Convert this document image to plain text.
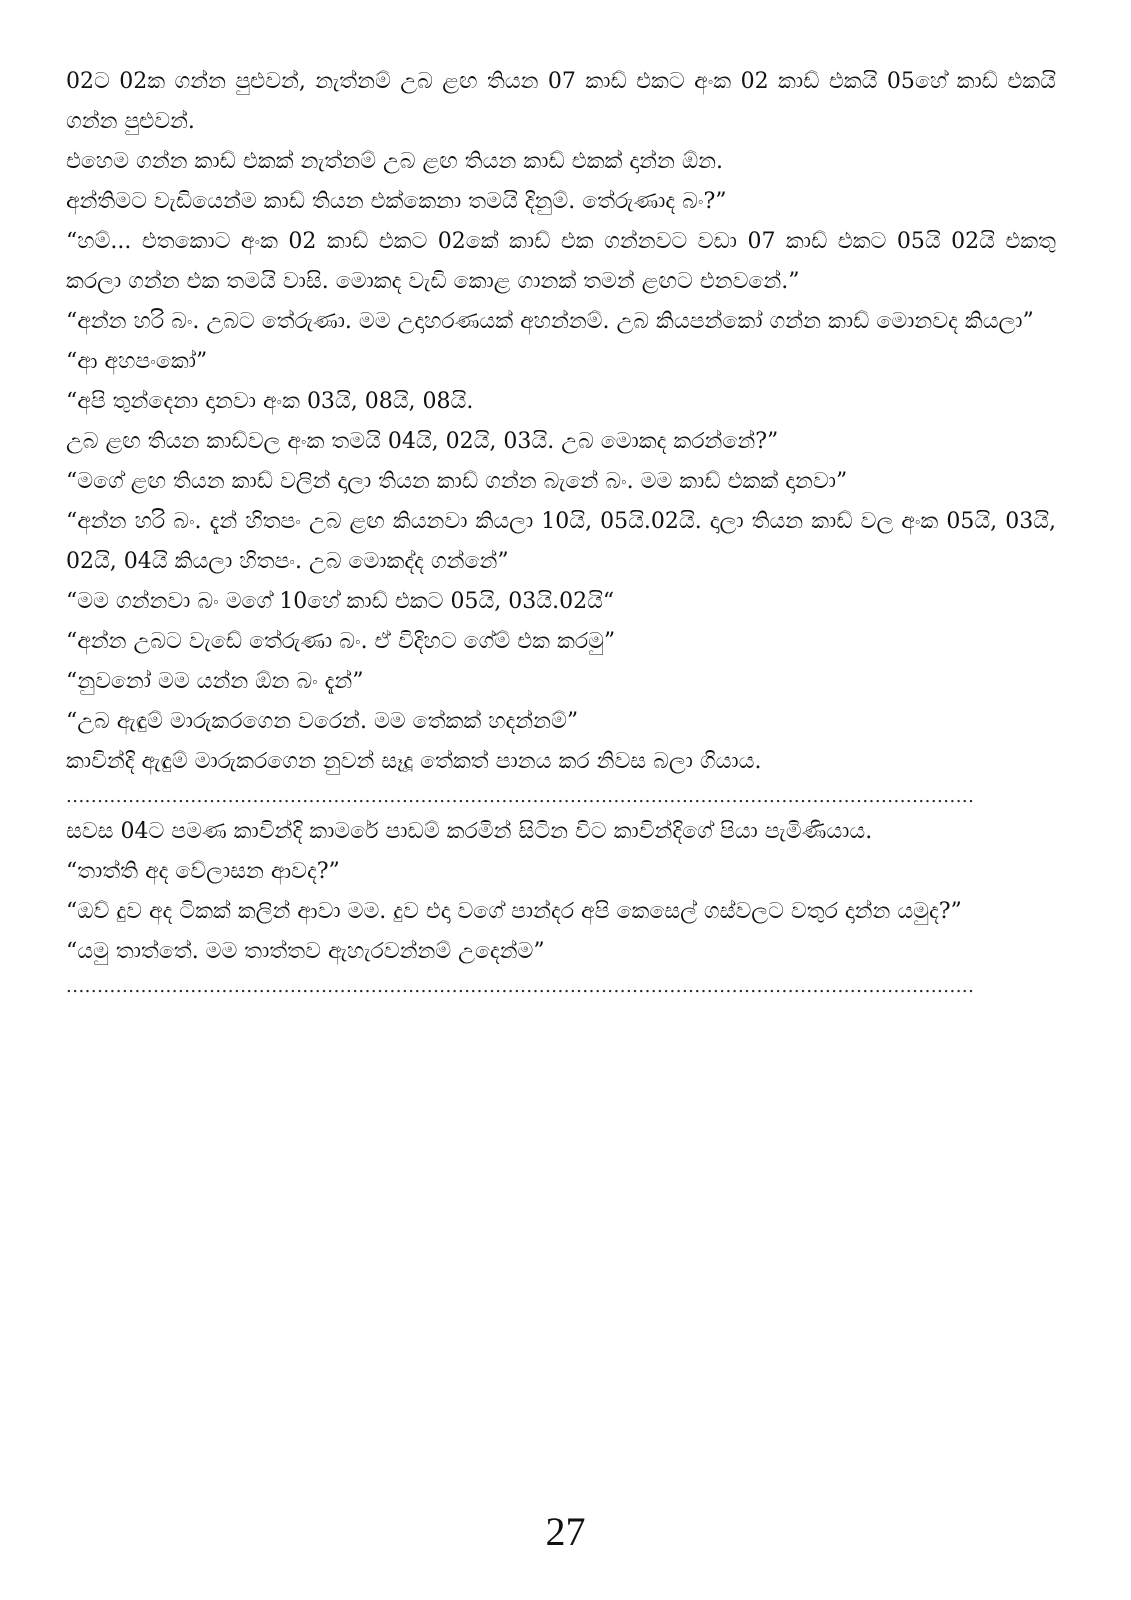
02ට 02ක ගන්න පුළුවන්, නැත්නම් උබ ළඟ තියන 07 කාඩ් එකට අංක 02 කාඩ් එකයි 05හේ කාඩ් එකයි ගන්න පුළුවන්.

එහෙම ගන්න කාඩ් එකක් නැත්නම් උබ ළඟ තියන කාඩ් එකක් දාන්න ඕන.

අන්තිමට වැඩියෙන්ම කාඩ් තියන එක්කෙනා තමයි දිනුම්. තේරුණාද බං?”

“හම්... එතකොට අංක 02 කාඩ් එකට 02කේ කාඩ් එක ගන්නවට වඩා 07 කාඩ් එකට 05යි 02යි එකතු කරලා ගන්න එක තමයි වාසි. මොකද වැඩි කොළ ගානක් තමන් ළඟට එනවනේ.”

“අන්න හරි බං. උබට තේරුණා. මම උදාහරණයක් අහන්නම්. උබ කියපන්කෝ ගන්න කාඩ් මොනවද කියලා”

“ආ අහපංකෝ”

“අපි තුන්දෙනා දානවා අංක 03යි, 08යි, 08යි.

උබ ළඟ තියන කාඩ්වල අංක තමයි 04යි, 02යි, 03යි. උබ මොකද කරන්නේ?”

“මගේ ළඟ තියන කාඩ් වලින් දාලා තියන කාඩ් ගන්න බැනේ බං. මම කාඩ් එකක් දානවා”

“අන්න හරි බං. දැන් හිතපං උබ ළඟ කියනවා කියලා 10යි, 05යි.02යි. දාලා තියන කාඩ් වල අංක 05යි, 03යි, 02යි, 04යි කියලා හිතපං. උබ මොකද්ද ගන්නේ”

“මම ගන්නවා බං මගේ 10හේ කාඩ් එකට 05යි, 03යි.02යි“

“අන්න උබට වැඩේ තේරුණා බං. ඒ විදිහට ගේම් එක කරමු”

“නුවනෝ මම යන්න ඕන බං දැන්”

“උබ ඇඳුම් මාරුකරගෙන වරෙන්. මම තේකක් හදන්නම්”

කාවින්දි ඇඳුම් මාරුකරගෙන නුවන් සෑදූ තේකත් පානය කර නිවස බලා ගියාය.

..................................................................................................................................................

සවස 04ට පමණ කාවින්දි කාමරේ පාඩම් කරමින් සිටින විට කාවින්දිගේ පියා පැමිණියාය.

“තාත්ති අද වේලාසන ආවද?”

“ඔව් දුව අද ටිකක් කලින් ආවා මම. දුව එදා වගේ පාන්දර අපි කෙසෙල් ගස්වලට වතුර දාන්න යමුද?”

“යමු තාත්තේ. මම තාත්තව ඇහැරවන්නම් උදෙන්ම”

..................................................................................................................................................
27
